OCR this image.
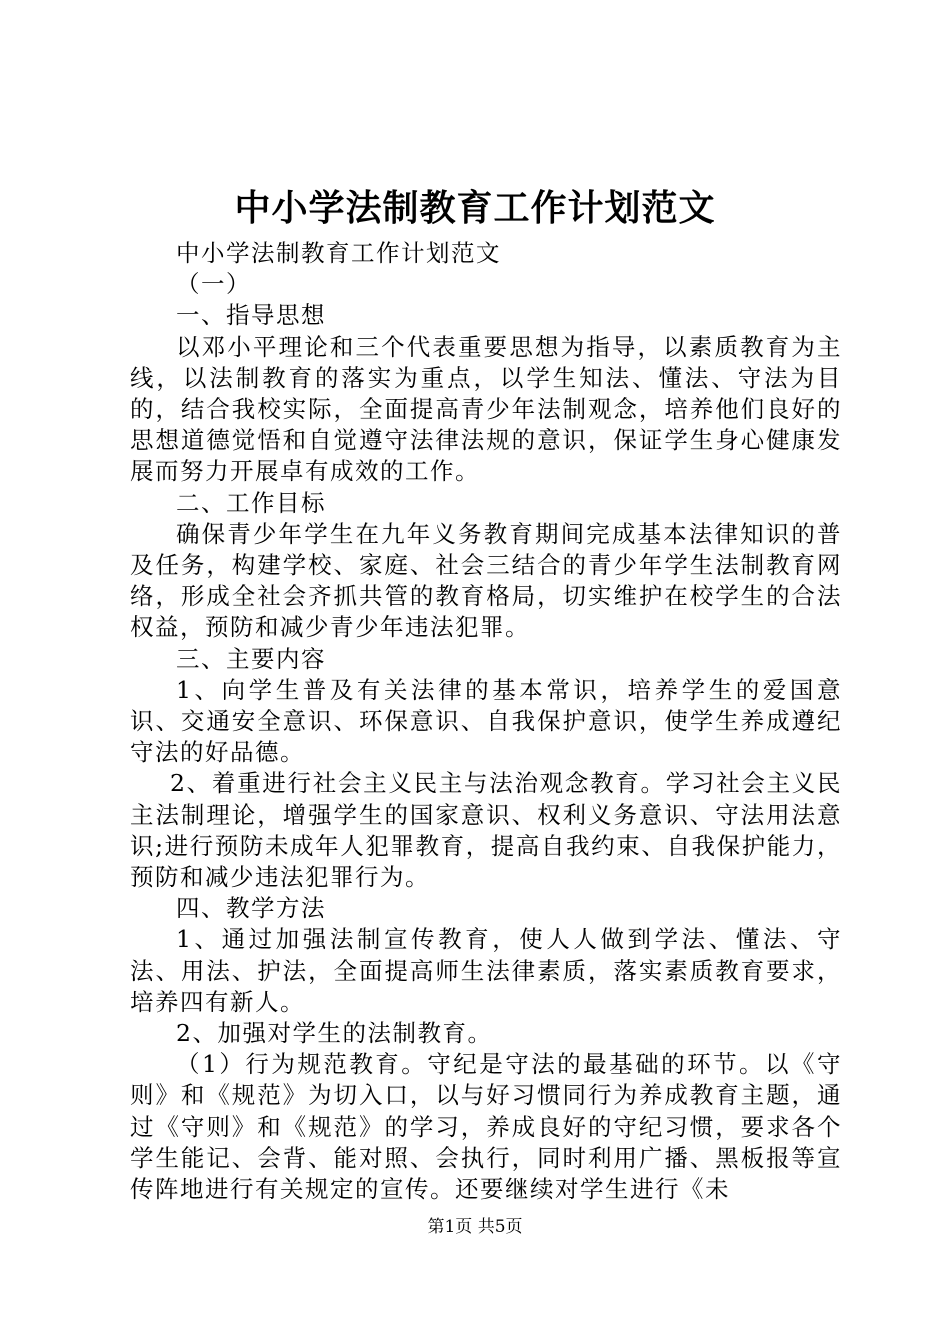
中小学法制教育工作计划范文

中小学法制教育工作计划范文

（一）

一、指导思想

以邓小平理论和三个代表重要思想为指导，以素质教育为主线，以法制教育的落实为重点，以学生知法、懂法、守法为目的，结合我校实际，全面提高青少年法制观念，培养他们良好的思想道德觉悟和自觉遵守法律法规的意识，保证学生身心健康发展而努力开展卓有成效的工作。

二、工作目标

确保青少年学生在九年义务教育期间完成基本法律知识的普及任务，构建学校、家庭、社会三结合的青少年学生法制教育网络，形成全社会齐抓共管的教育格局，切实维护在校学生的合法权益，预防和减少青少年违法犯罪。

三、主要内容

1、向学生普及有关法律的基本常识，培养学生的爱国意识、交通安全意识、环保意识、自我保护意识，使学生养成遵纪守法的好品德。

2、着重进行社会主义民主与法治观念教育。学习社会主义民主法制理论，增强学生的国家意识、权利义务意识、守法用法意识;进行预防未成年人犯罪教育，提高自我约束、自我保护能力，预防和减少违法犯罪行为。

四、教学方法

1、通过加强法制宣传教育，使人人做到学法、懂法、守法、用法、护法，全面提高师生法律素质，落实素质教育要求，培养四有新人。

2、加强对学生的法制教育。

（1）行为规范教育。守纪是守法的最基础的环节。以《守则》和《规范》为切入口，以与好习惯同行为养成教育主题，通过《守则》和《规范》的学习，养成良好的守纪习惯，要求各个学生能记、会背、能对照、会执行，同时利用广播、黑板报等宣传阵地进行有关规定的宣传。还要继续对学生进行《未

第1页 共5页
